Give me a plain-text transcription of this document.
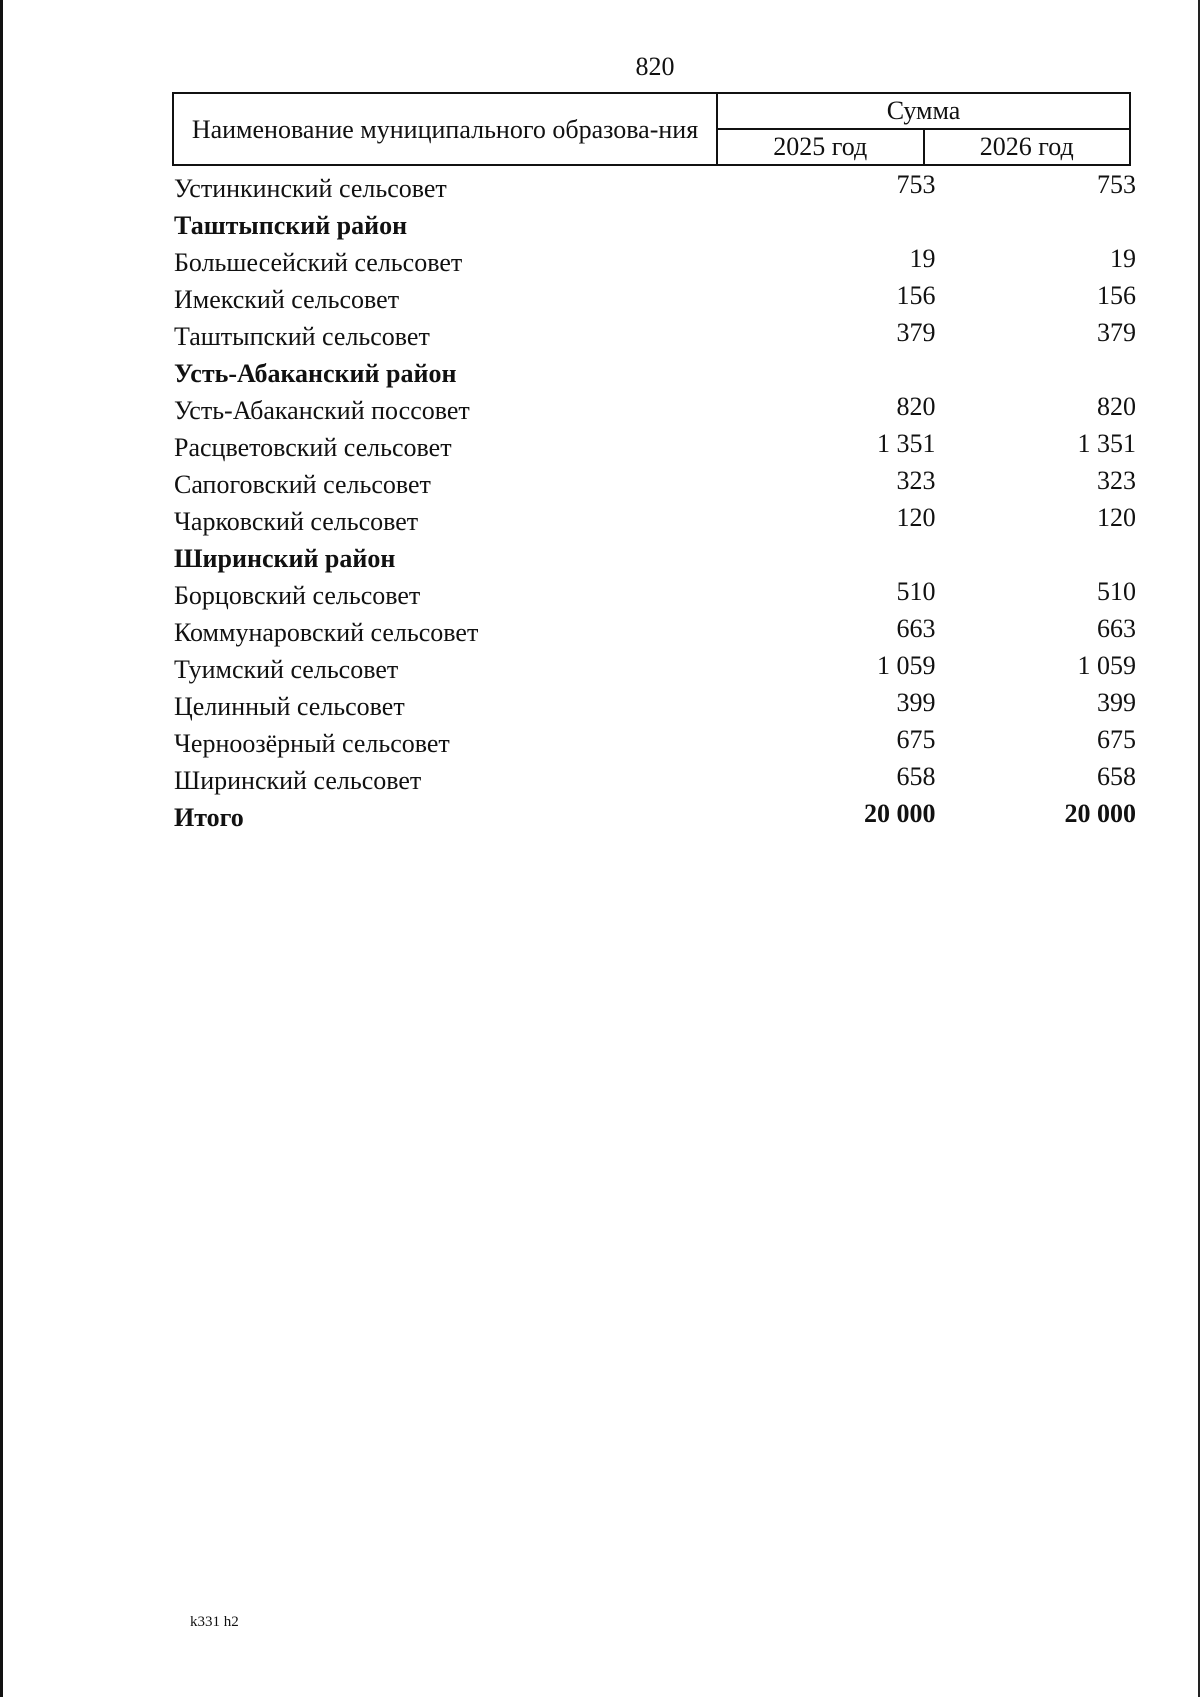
820
Наименование муниципального образова-ния	Сумма	
	2025 год	2026 год
Устинкинский сельсовет	753	753
Таштыпский район		
Большесейский сельсовет	19	19
Имекский сельсовет	156	156
Таштыпский сельсовет	379	379
Усть-Абаканский район		
Усть-Абаканский поссовет	820	820
Расцветовский сельсовет	1 351	1 351
Сапоговский сельсовет	323	323
Чарковский сельсовет	120	120
Ширинский район		
Борцовский сельсовет	510	510
Коммунаровский сельсовет	663	663
Туимский сельсовет	1 059	1 059
Целинный сельсовет	399	399
Черноозёрный сельсовет	675	675
Ширинский сельсовет	658	658
Итого	20 000	20 000
k331 h2
